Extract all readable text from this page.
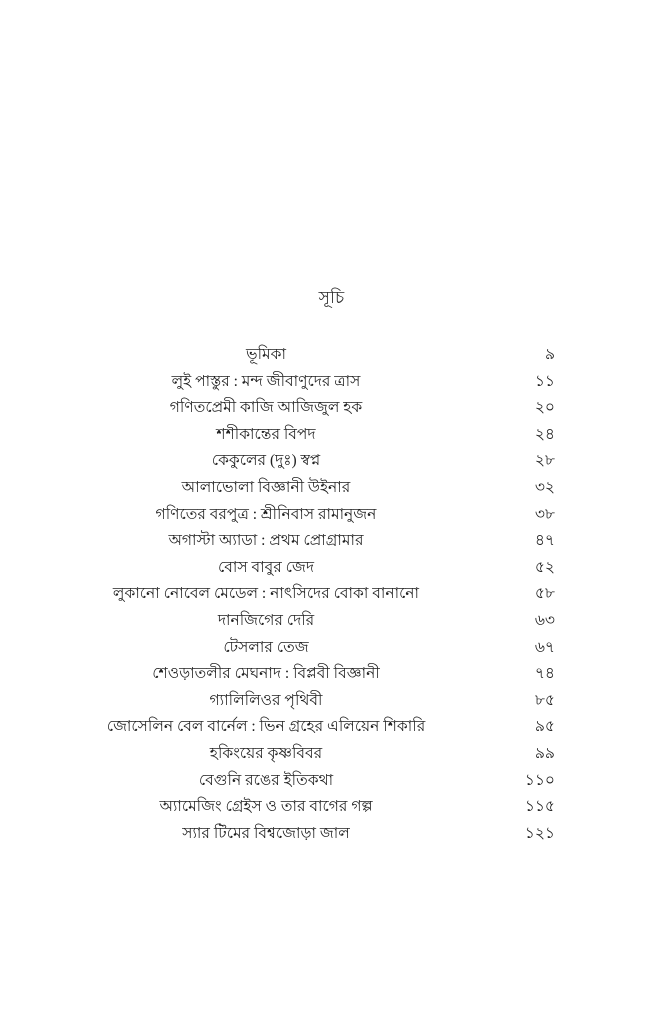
সূচি
ভূমিকা	৯
লুই পাস্তুর : মন্দ জীবাণুদের ত্রাস	১১
গণিতপ্রেমী কাজি আজিজুল হক	২০
শশীকান্তের বিপদ	২৪
কেকুলের (দুঃ) স্বপ্ন	২৮
আলাভোলা বিজ্ঞানী উইনার	৩২
গণিতের বরপুত্র : শ্রীনিবাস রামানুজন	৩৮
অগাস্টা অ্যাডা : প্রথম প্রোগ্রামার	৪৭
বোস বাবুর জেদ	৫২
লুকানো নোবেল মেডেল : নাৎসিদের বোকা বানানো	৫৮
দানজিগের দেরি	৬৩
টেসলার তেজ	৬৭
শেওড়াতলীর মেঘনাদ : বিপ্লবী বিজ্ঞানী	৭৪
গ্যালিলিওর পৃথিবী	৮৫
জোসেলিন বেল বার্নেল : ভিন গ্রহের এলিয়েন শিকারি	৯৫
হকিংয়ের কৃষ্ণবিবর	৯৯
বেগুনি রঙের ইতিকথা	১১০
অ্যামেজিং গ্রেইস ও তার বাগের গল্প	১১৫
স্যার টিমের বিশ্বজোড়া জাল	১২১
